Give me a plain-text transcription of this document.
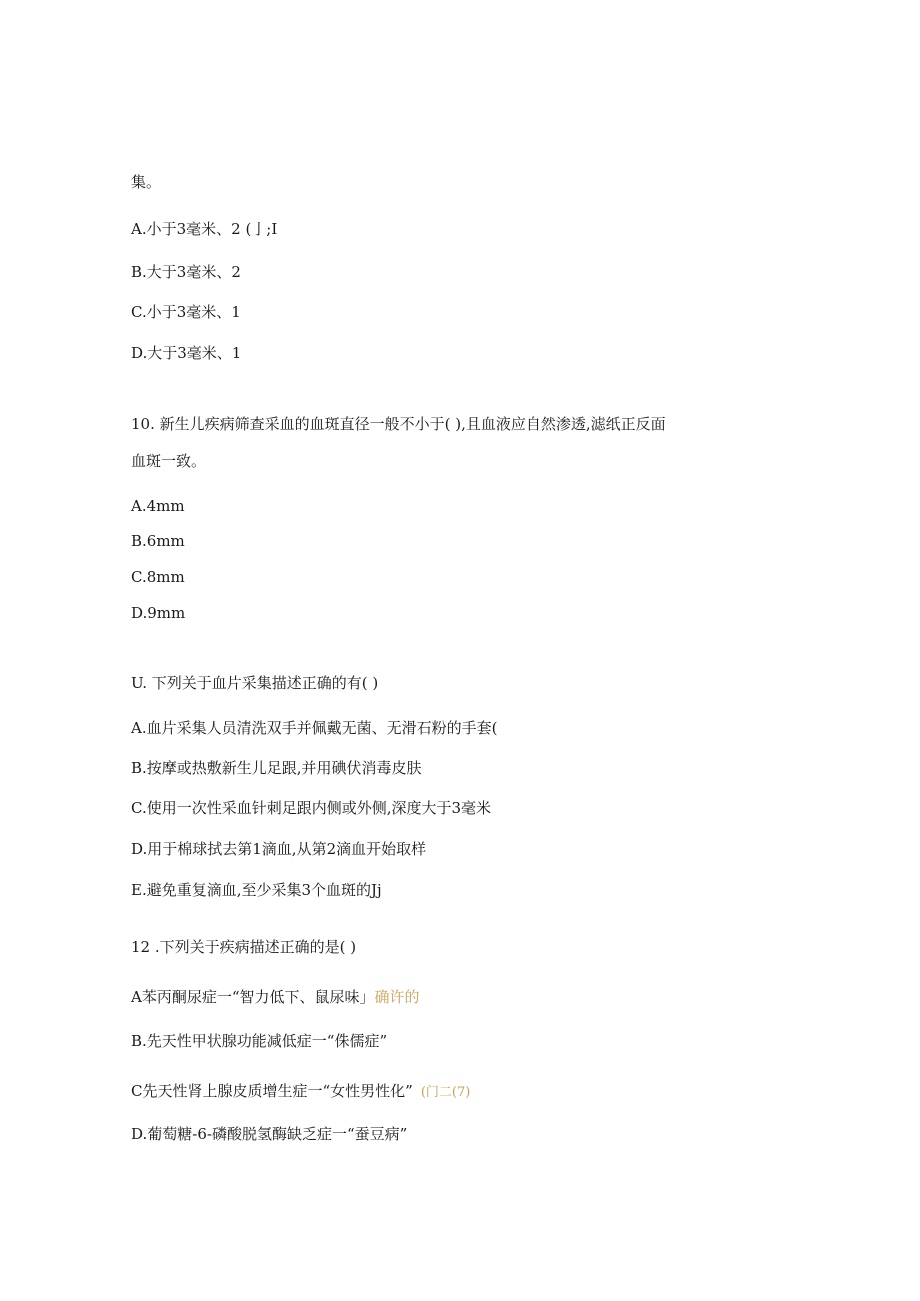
集。
A.小于3毫米、2 (亅;I
B.大于3毫米、2
C.小于3毫米、1
D.大于3毫米、1
10. 新生儿疾病筛查采血的血斑直径一般不小于( ),且血液应自然渗透,滤纸正反面
血斑一致。
A.4mm
B.6mm
C.8mm
D.9mm
U. 下列关于血片采集描述正确的有( )
A.血片采集人员清洗双手并佩戴无菌、无滑石粉的手套(
B.按摩或热敷新生儿足跟,并用碘伏消毒皮肤
C.使用一次性采血针刺足跟内侧或外侧,深度大于3毫米
D.用于棉球拭去第1滴血,从第2滴血开始取样
E.避免重复滴血,至少采集3个血斑的Jj
12 .下列关于疾病描述正确的是( )
A苯丙酮尿症一“智力低下、鼠尿味」确许的
B.先天性甲状腺功能减低症一“侏儒症”
C先天性肾上腺皮质增生症一“女性男性化” (门二(7)
D.葡萄糖-6-磷酸脱氢酶缺乏症一“蚕豆病”
